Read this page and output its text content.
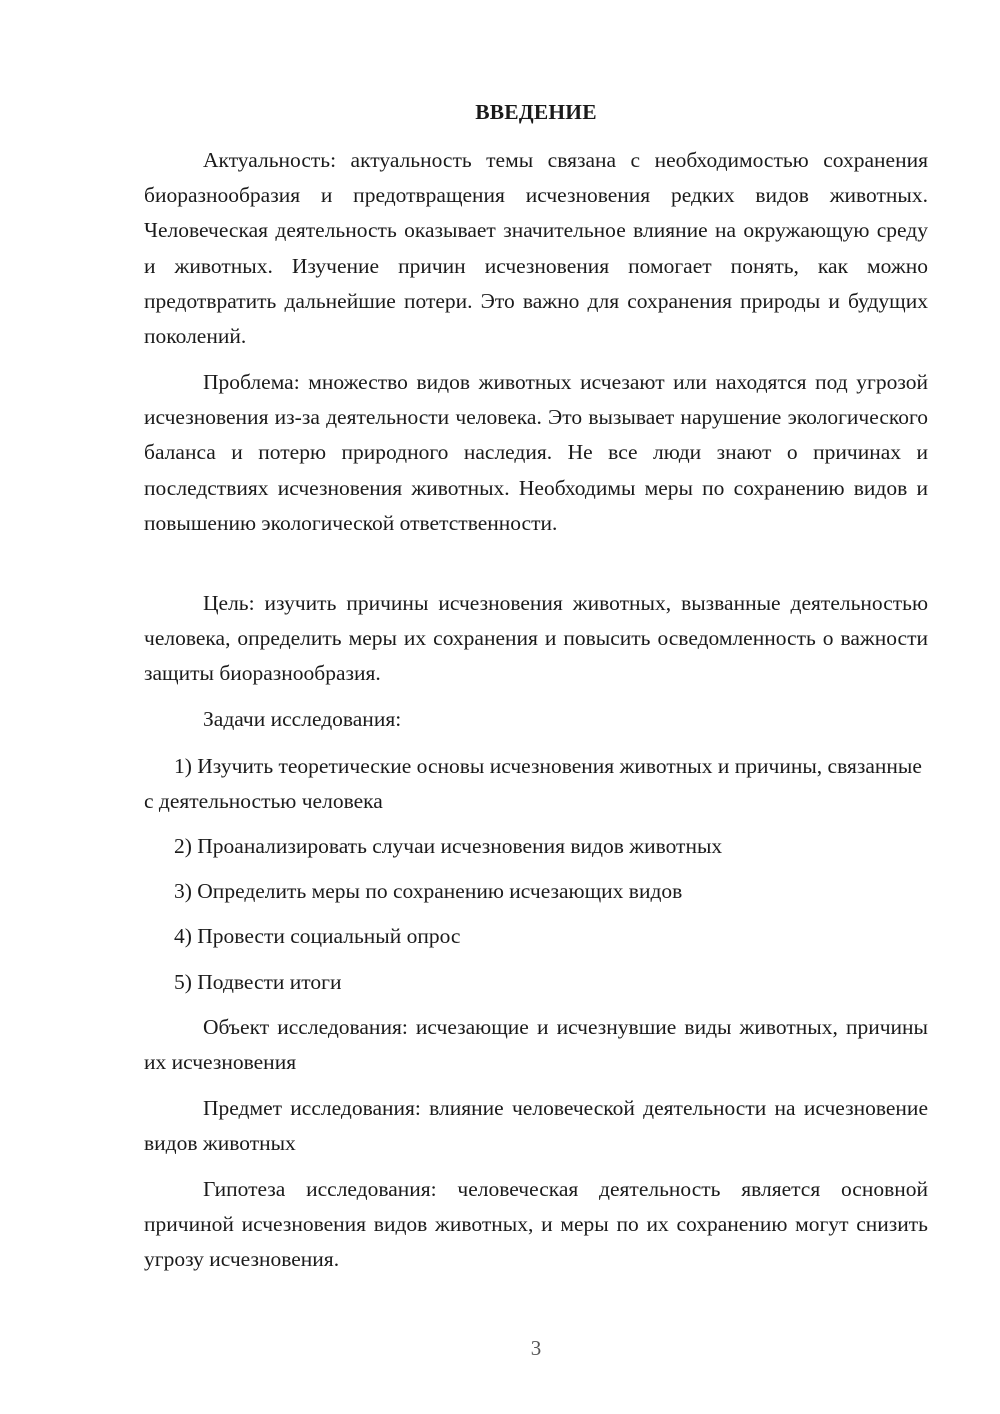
ВВЕДЕНИЕ

Актуальность: актуальность темы связана с необходимостью сохранения биоразнообразия и предотвращения исчезновения редких видов животных. Человеческая деятельность оказывает значительное влияние на окружающую среду и животных. Изучение причин исчезновения помогает понять, как можно предотвратить дальнейшие потери. Это важно для сохранения природы и будущих поколений.

Проблема: множество видов животных исчезают или находятся под угрозой исчезновения из-за деятельности человека. Это вызывает нарушение экологического баланса и потерю природного наследия. Не все люди знают о причинах и последствиях исчезновения животных. Необходимы меры по сохранению видов и повышению экологической ответственности.

Цель: изучить причины исчезновения животных, вызванные деятельностью человека, определить меры их сохранения и повысить осведомленность о важности защиты биоразнообразия.

Задачи исследования:

1) Изучить теоретические основы исчезновения животных и причины, связанные с деятельностью человека

2) Проанализировать случаи исчезновения видов животных

3) Определить меры по сохранению исчезающих видов

4) Провести социальный опрос

5) Подвести итоги

Объект исследования: исчезающие и исчезнувшие виды животных, причины их исчезновения

Предмет исследования: влияние человеческой деятельности на исчезновение видов животных

Гипотеза исследования: человеческая деятельность является основной причиной исчезновения видов животных, и меры по их сохранению могут снизить угрозу исчезновения.

3
